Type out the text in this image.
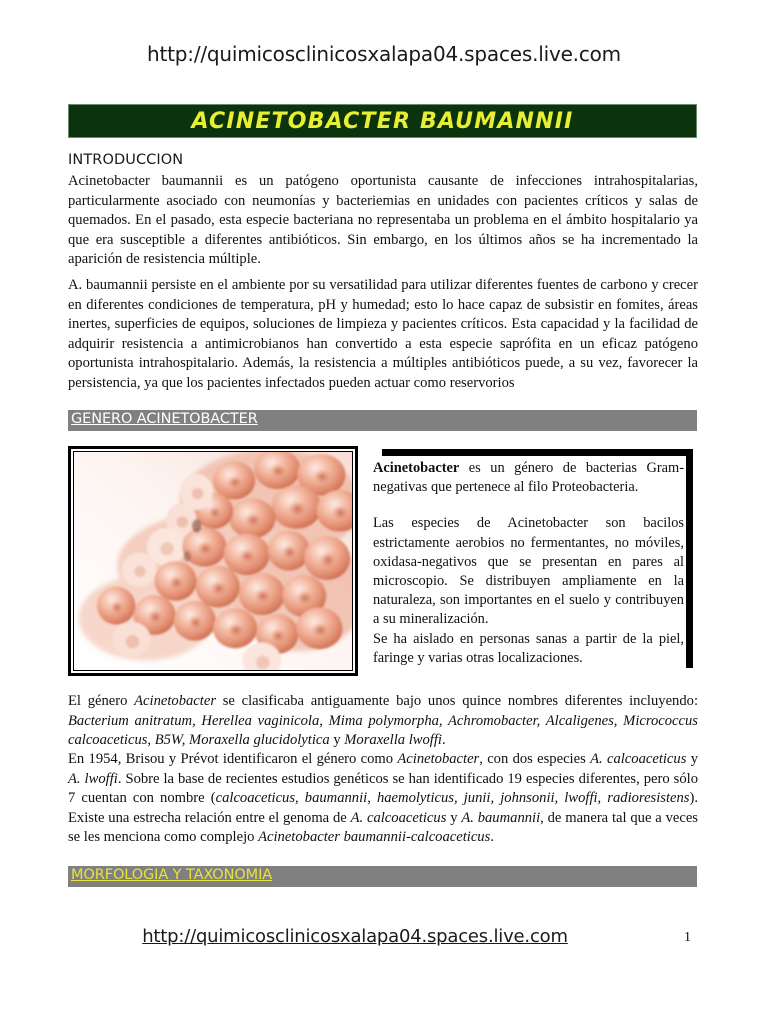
http://quimicosclinicosxalapa04.spaces.live.com
ACINETOBACTER BAUMANNII
INTRODUCCION
Acinetobacter baumannii es un patógeno oportunista causante de infecciones intrahospitalarias, particularmente asociado con neumonías y bacteriemias en unidades con pacientes críticos y salas de quemados. En el pasado, esta especie bacteriana no representaba un problema en el ámbito hospitalario ya que era susceptible a diferentes antibióticos. Sin embargo, en los últimos años se ha incrementado la aparición de resistencia múltiple.
A. baumannii persiste en el ambiente por su versatilidad para utilizar diferentes fuentes de carbono y crecer en diferentes condiciones de temperatura, pH y humedad; esto lo hace capaz de subsistir en fomites, áreas inertes, superficies de equipos, soluciones de limpieza y pacientes críticos. Esta capacidad y la facilidad de adquirir resistencia a antimicrobianos han convertido a esta especie saprófita en un eficaz patógeno oportunista intrahospitalario. Además, la resistencia a múltiples antibióticos puede, a su vez, favorecer la persistencia, ya que los pacientes infectados pueden actuar como reservorios
GENERO ACINETOBACTER

Acinetobacter es un género de bacterias Gram-negativas que pertenece al filo Proteobacteria.

Las especies de Acinetobacter son bacilos estrictamente aerobios no fermentantes, no móviles, oxidasa-negativos que se presentan en pares al microscopio. Se distribuyen ampliamente en la naturaleza, son importantes en el suelo y contribuyen a su mineralización.

Se ha aislado en personas sanas a partir de la piel, faringe y varias otras localizaciones.

El género Acinetobacter se clasificaba antiguamente bajo unos quince nombres diferentes incluyendo: Bacterium anitratum, Herellea vaginicola, Mima polymorpha, Achromobacter, Alcaligenes, Micrococcus calcoaceticus, B5W, Moraxella glucidolytica y Moraxella lwoffi.
En 1954, Brisou y Prévot identificaron el género como Acinetobacter, con dos especies A. calcoaceticus y A. lwoffi. Sobre la base de recientes estudios genéticos se han identificado 19 especies diferentes, pero sólo 7 cuentan con nombre (calcoaceticus, baumannii, haemolyticus, junii, johnsonii, lwoffi, radioresistens). Existe una estrecha relación entre el genoma de A. calcoaceticus y A. baumannii, de manera tal que a veces se les menciona como complejo Acinetobacter baumannii-calcoaceticus.
MORFOLOGIA Y TAXONOMIA
http://quimicosclinicosxalapa04.spaces.live.com	1
